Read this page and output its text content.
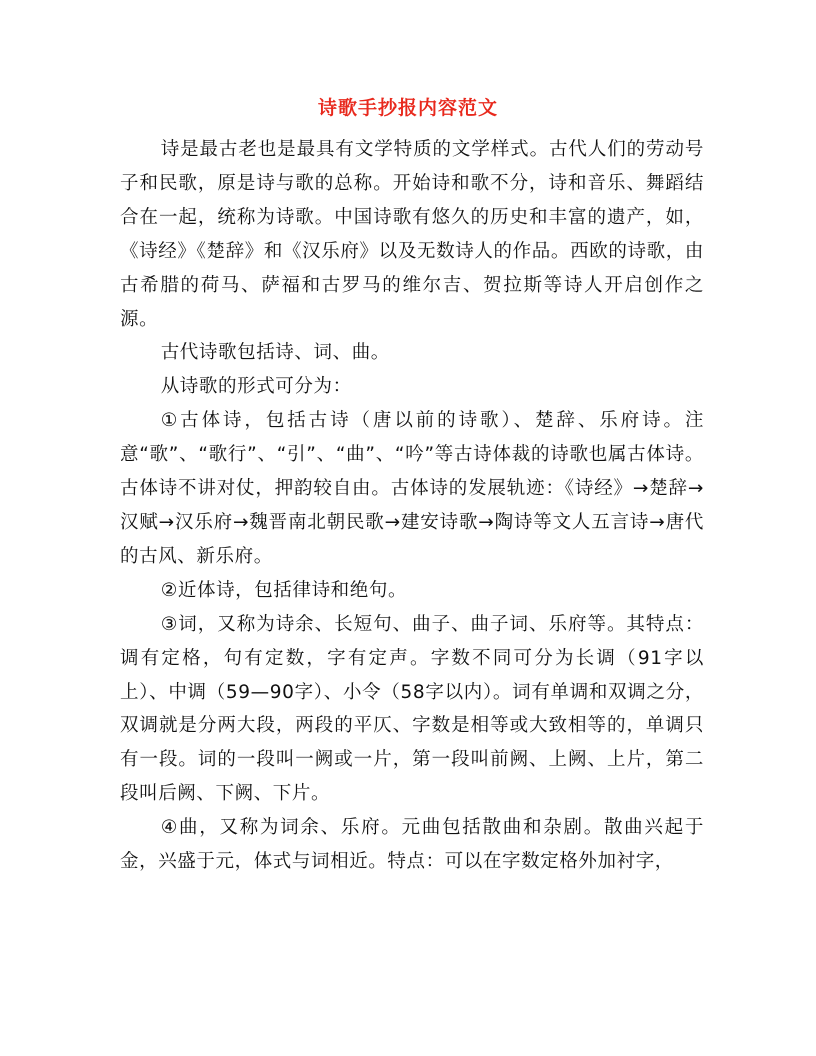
诗歌手抄报内容范文

诗是最古老也是最具有文学特质的文学样式。古代人们的劳动号子和民歌，原是诗与歌的总称。开始诗和歌不分，诗和音乐、舞蹈结合在一起，统称为诗歌。中国诗歌有悠久的历史和丰富的遗产，如，《诗经》《楚辞》和《汉乐府》以及无数诗人的作品。西欧的诗歌，由古希腊的荷马、萨福和古罗马的维尔吉、贺拉斯等诗人开启创作之源。

古代诗歌包括诗、词、曲。

从诗歌的形式可分为：

①古体诗，包括古诗（唐以前的诗歌）、楚辞、乐府诗。注意“歌”、“歌行”、“引”、“曲”、“吟”等古诗体裁的诗歌也属古体诗。古体诗不讲对仗，押韵较自由。古体诗的发展轨迹：《诗经》→楚辞→汉赋→汉乐府→魏晋南北朝民歌→建安诗歌→陶诗等文人五言诗→唐代的古风、新乐府。

②近体诗，包括律诗和绝句。

③词，又称为诗余、长短句、曲子、曲子词、乐府等。其特点：调有定格，句有定数，字有定声。字数不同可分为长调（91字以上）、中调（59—90字）、小令（58字以内）。词有单调和双调之分，双调就是分两大段，两段的平仄、字数是相等或大致相等的，单调只有一段。词的一段叫一阙或一片，第一段叫前阙、上阙、上片，第二段叫后阙、下阙、下片。

④曲，又称为词余、乐府。元曲包括散曲和杂剧。散曲兴起于金，兴盛于元，体式与词相近。特点：可以在字数定格外加衬字，
